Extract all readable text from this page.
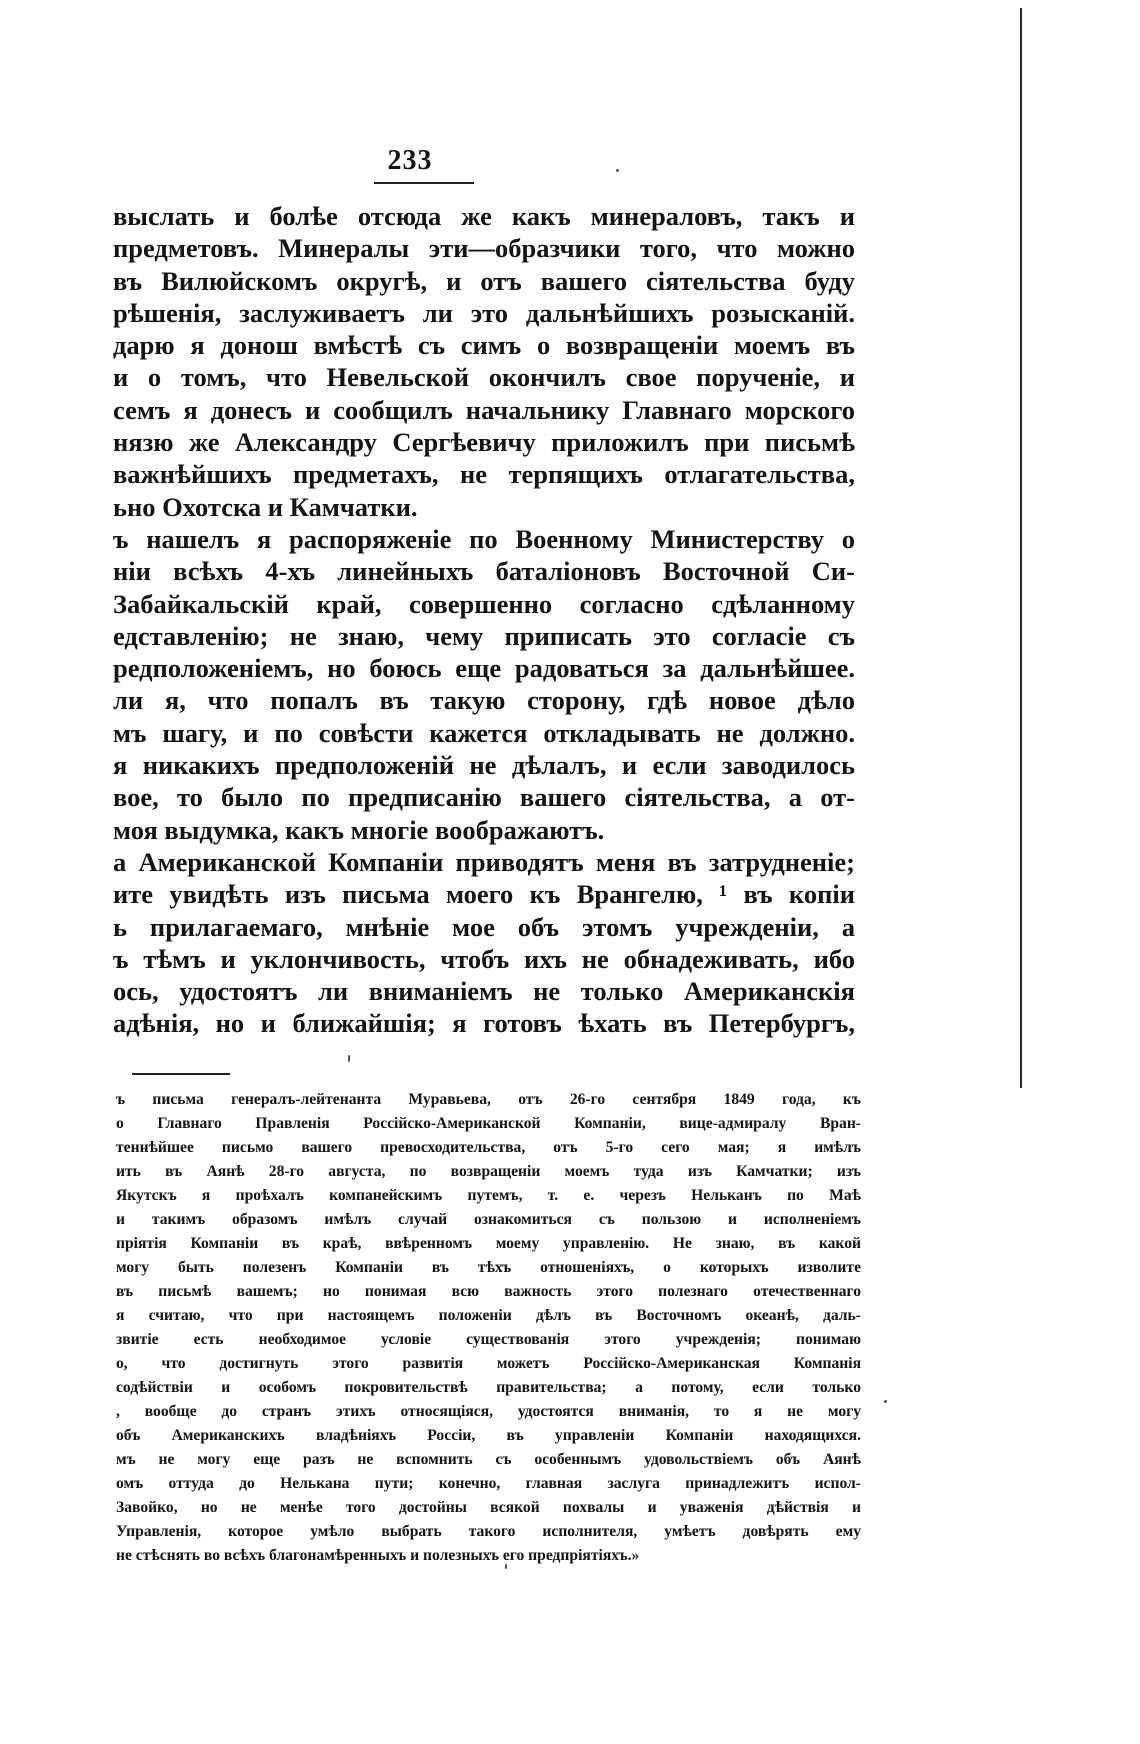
233
выслать и болѣе отсюда же какъ минераловъ, такъ и
предметовъ. Минералы эти—образчики того, что можно
въ Вилюйскомъ округѣ, и отъ вашего сіятельства буду
рѣшенія, заслуживаетъ ли это дальнѣйшихъ розысканій.
дарю я донош вмѣстѣ съ симъ о возвращеніи моемъ въ
и о томъ, что Невельской окончилъ свое порученіе, и
семъ я донесъ и сообщилъ начальнику Главнаго морского
нязю же Александру Сергѣевичу приложилъ при письмѣ
важнѣйшихъ предметахъ, не терпящихъ отлагательства,
ьно Охотска и Камчатки.
ъ нашелъ я распоряженіе по Военному Министерству о
ніи всѣхъ 4-хъ линейныхъ баталіоновъ Восточной Си-
Забайкальскій край, совершенно согласно сдѣланному
едставленію; не знаю, чему приписать это согласіе съ
редположеніемъ, но боюсь еще радоваться за дальнѣйшее.
ли я, что попалъ въ такую сторону, гдѣ новое дѣло
мъ шагу, и по совѣсти кажется откладывать не должно.
я никакихъ предположеній не дѣлалъ, и если заводилось
вое, то было по предписанію вашего сіятельства, а от-
моя выдумка, какъ многіе воображаютъ.
а Американской Компаніи приводятъ меня въ затрудненіе;
ите увидѣть изъ письма моего къ Врангелю, ¹ въ копіи
ь прилагаемаго, мнѣніе мое объ этомъ учрежденіи, а
ъ тѣмъ и уклончивость, чтобъ ихъ не обнадеживать, ибо
ось, удостоятъ ли вниманіемъ не только Американскія
адѣнія, но и ближайшія; я готовъ ѣхать въ Петербургъ,
ъ письма генералъ-лейтенанта Муравьева, отъ 26-го сентября 1849 года, къ
о Главнаго Правленія Россійско-Американской Компаніи, вице-адмиралу Вран-
теннѣйшее письмо вашего превосходительства, отъ 5-го сего мая; я имѣлъ
ить въ Аянѣ 28-го августа, по возвращеніи моемъ туда изъ Камчатки; изъ
Якутскъ я проѣхалъ компанейскимъ путемъ, т. е. черезъ Нельканъ по Маѣ
и такимъ образомъ имѣлъ случай ознакомиться съ пользою и исполненіемъ
пріятія Компаніи въ краѣ, ввѣренномъ моему управленію. Не знаю, въ какой
могу быть полезенъ Компаніи въ тѣхъ отношеніяхъ, о которыхъ изволите
въ письмѣ вашемъ; но понимая всю важность этого полезнаго отечественнаго
я считаю, что при настоящемъ положеніи дѣлъ въ Восточномъ океанѣ, даль-
звитіе есть необходимое условіе существованія этого учрежденія; понимаю
о, что достигнуть этого развитія можетъ Россійско-Американская Компанія
содѣйствіи и особомъ покровительствѣ правительства; а потому, если только
, вообще до странъ этихъ относящіяся, удостоятся вниманія, то я не могу
объ Американскихъ владѣніяхъ Россіи, въ управленіи Компаніи находящихся.
мъ не могу еще разъ не вспомнить съ особеннымъ удовольствіемъ объ Аянѣ
омъ оттуда до Нелькана пути; конечно, главная заслуга принадлежитъ испол-
Завойко, но не менѣе того достойны всякой похвалы и уваженія дѣйствія и
Управленія, которое умѣло выбрать такого исполнителя, умѣетъ довѣрять ему
не стѣснять во всѣхъ благонамѣренныхъ и полезныхъ его предпріятіяхъ.»
